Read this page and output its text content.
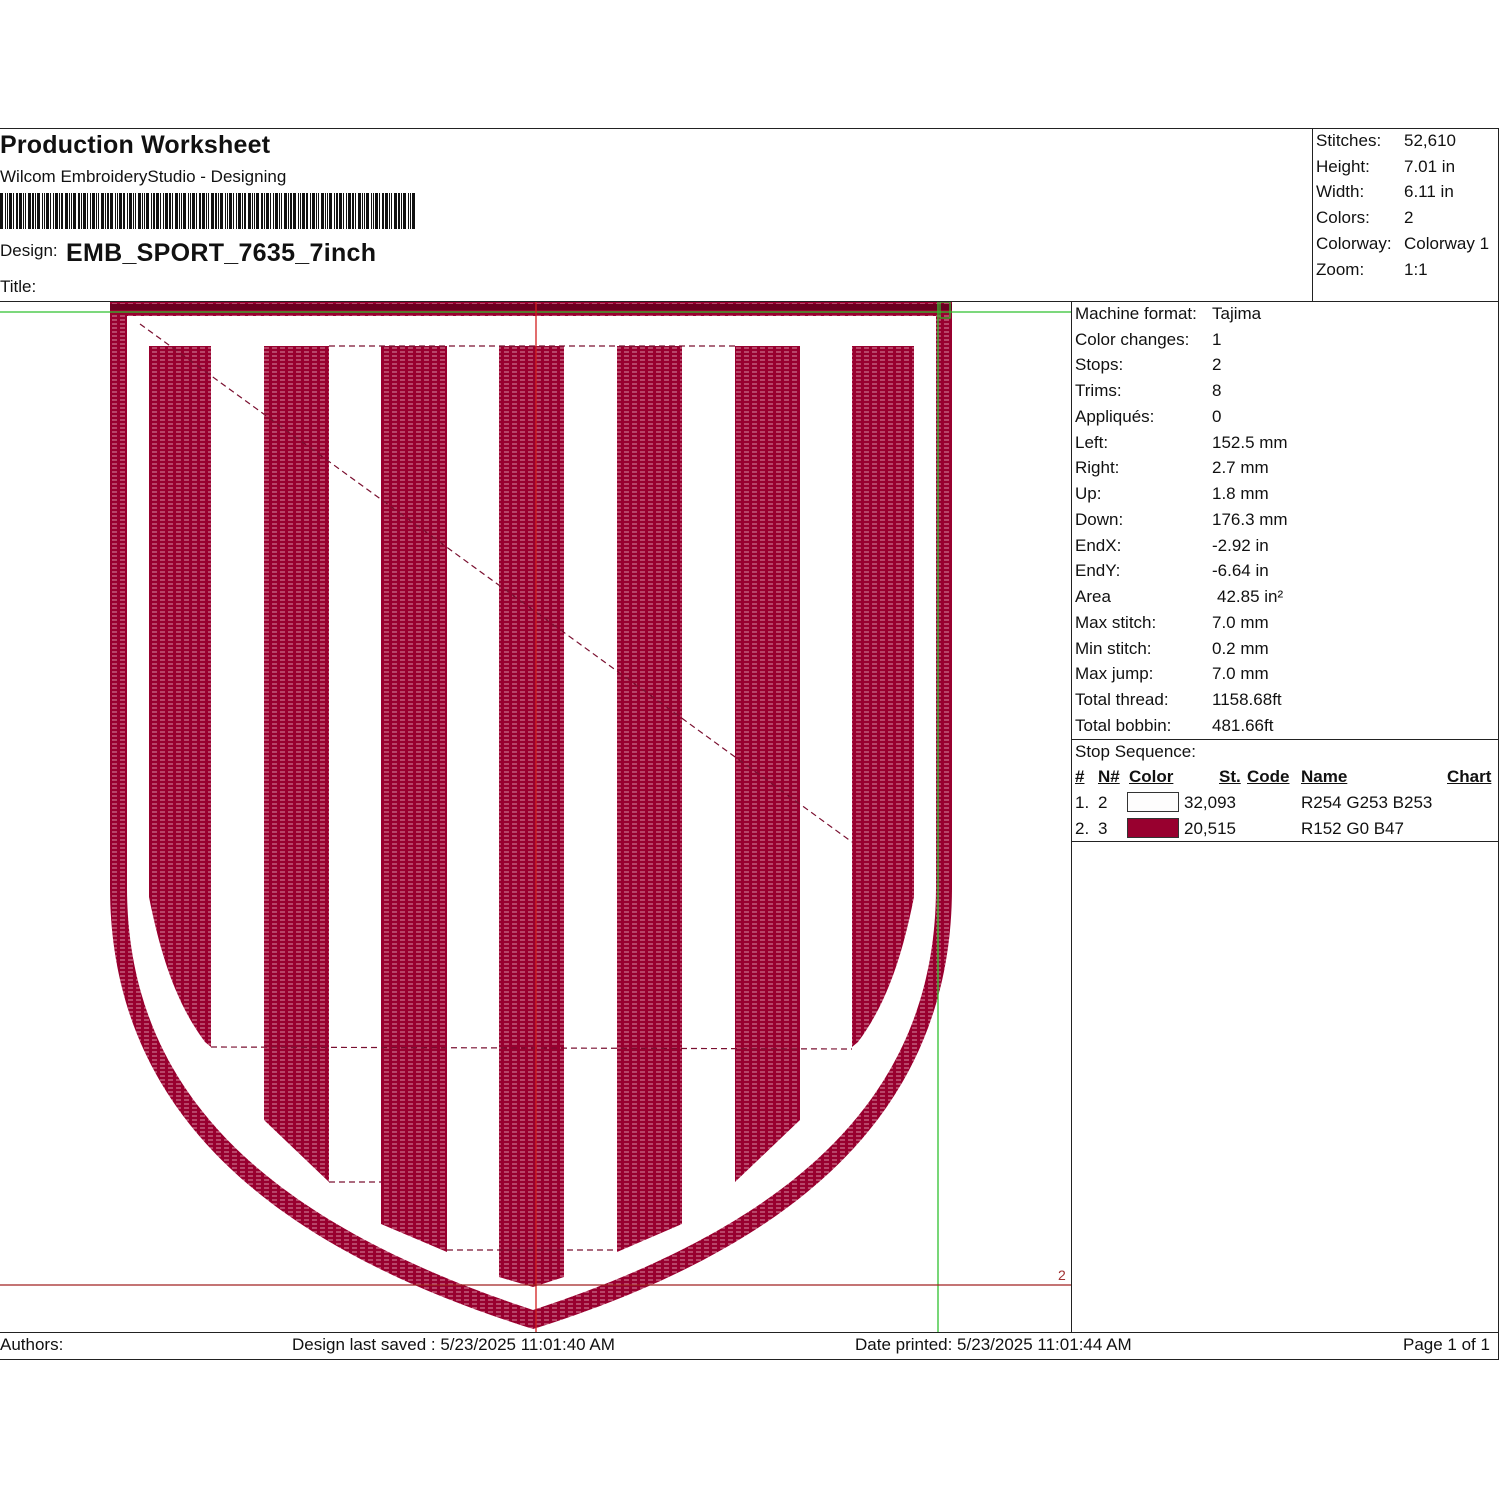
Production Worksheet
Wilcom EmbroideryStudio - Designing
Design: EMB_SPORT_7635_7inch
Title:
Stitches: 52,610
Height: 7.01 in
Width: 6.11 in
Colors: 2
Colorway: Colorway 1
Zoom: 1:1
2
Machine format: Tajima
Color changes: 1
Stops:	2
Trims:	8
Appliqués:	0
Left:	152.5 mm
Right:	2.7 mm
Up:	1.8 mm
Down:	176.3 mm
EndX:	-2.92 in
EndY:	-6.64 in
Area	42.85 in²
Max stitch:	7.0 mm
Min stitch:	0.2 mm
Max jump:	7.0 mm
Total thread:	1158.68ft
Total bobbin: 481.66ft
Stop Sequence:
# N# Color	St. Code Name	Chart
1. 2	32,093	R254 G253 B253
2. 3	20,515	R152 G0 B47
Authors:	Design last saved : 5/23/2025 11:01:40 AM	Date printed: 5/23/2025 11:01:44 AM	Page 1 of 1
